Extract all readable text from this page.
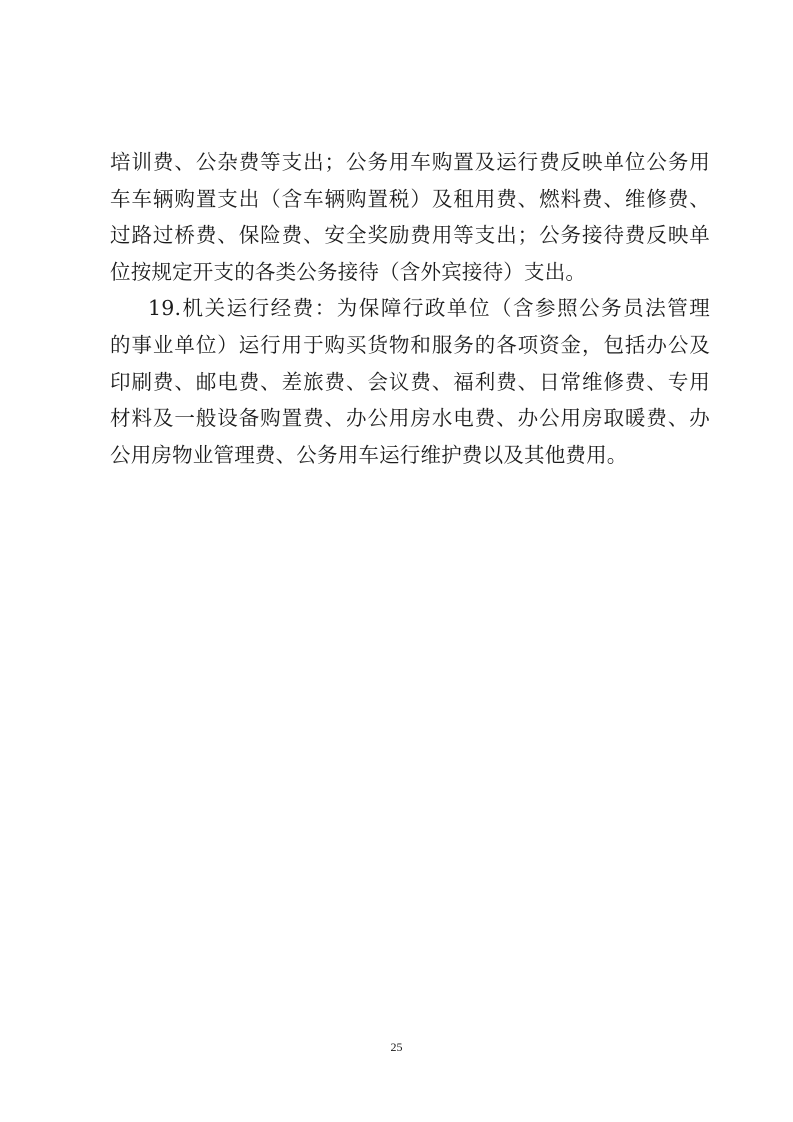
培训费、公杂费等支出；公务用车购置及运行费反映单位公务用
车车辆购置支出（含车辆购置税）及租用费、燃料费、维修费、
过路过桥费、保险费、安全奖励费用等支出；公务接待费反映单
位按规定开支的各类公务接待（含外宾接待）支出。
19.机关运行经费：为保障行政单位（含参照公务员法管理
的事业单位）运行用于购买货物和服务的各项资金，包括办公及
印刷费、邮电费、差旅费、会议费、福利费、日常维修费、专用
材料及一般设备购置费、办公用房水电费、办公用房取暖费、办
公用房物业管理费、公务用车运行维护费以及其他费用。
25
